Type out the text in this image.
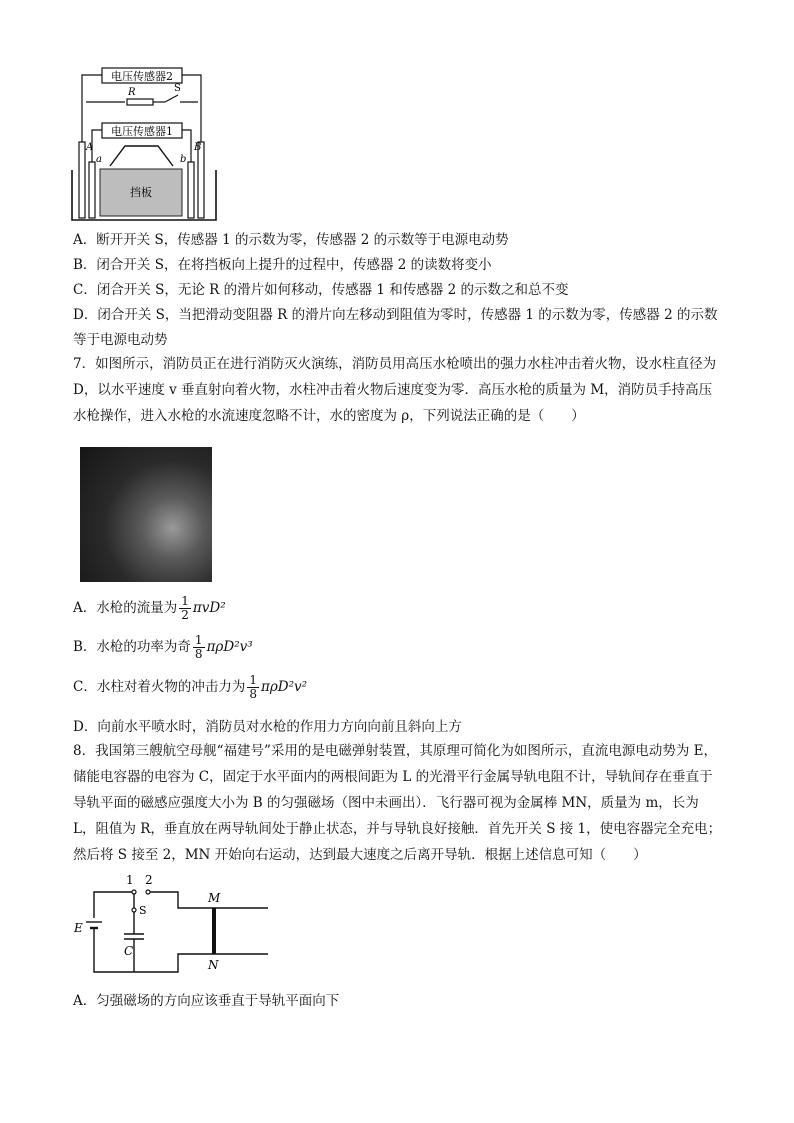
电压传感器2
电压传感器1
R	S
a	b
A	B
挡板
A．断开开关 S，传感器 1 的示数为零，传感器 2 的示数等于电源电动势
B．闭合开关 S，在将挡板向上提升的过程中，传感器 2 的读数将变小
C．闭合开关 S，无论 R 的滑片如何移动，传感器 1 和传感器 2 的示数之和总不变
D．闭合开关 S，当把滑动变阻器 R 的滑片向左移动到阻值为零时，传感器 1 的示数为零，传感器 2 的示数
等于电源电动势
7．如图所示，消防员正在进行消防灭火演练，消防员用高压水枪喷出的强力水柱冲击着火物，设水柱直径为 D，以水平速度 v 垂直射向着火物，水柱冲击着火物后速度变为零．高压水枪的质量为 M，消防员手持高压水枪操作，进入水枪的水流速度忽略不计，水的密度为 ρ，下列说法正确的是（　　）
A．水枪的流量为 $\frac{1}{2} \pi vD^2$
B．水枪的功率为奇 $\frac{1}{8} \pi\rho D^2v^3$
C．水柱对着火物的冲击力为 $\frac{1}{8} \pi\rho D^2v^2$
D．向前水平喷水时，消防员对水枪的作用力方向向前且斜向上方
8．我国第三艘航空母舰“福建号”采用的是电磁弹射装置，其原理可简化为如图所示，直流电源电动势为 E，储能电容器的电容为 C，固定于水平面内的两根间距为 L 的光滑平行金属导轨电阻不计，导轨间存在垂直于导轨平面的磁感应强度大小为 B 的匀强磁场（图中未画出）．飞行器可视为金属棒 MN，质量为 m，长为 L，阻值为 R，垂直放在两导轨间处于静止状态，并与导轨良好接触．首先开关 S 接 1，使电容器完全充电；然后将 S 接至 2，MN 开始向右运动，达到最大速度之后离开导轨．根据上述信息可知（　　）
1 2
S
E
C
M
N
A．匀强磁场的方向应该垂直于导轨平面向下
